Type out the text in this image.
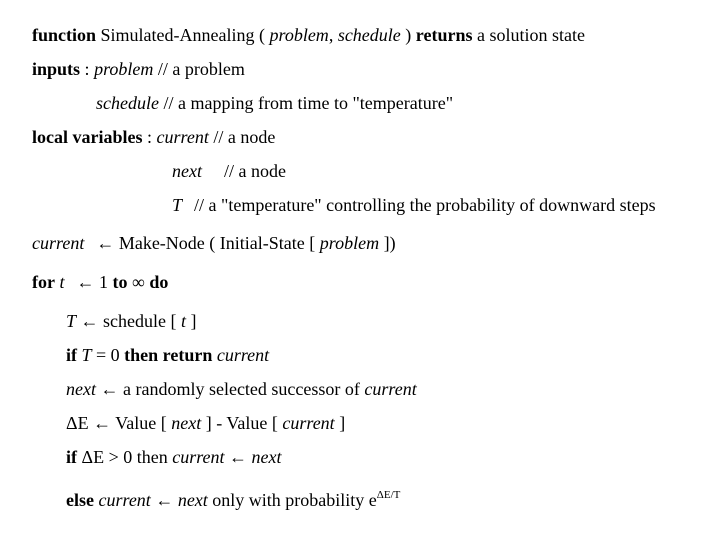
function Simulated-Annealing ( problem, schedule ) returns a solution state
inputs : problem // a problem
schedule // a mapping from time to "temperature"
local variables : current // a node
next // a node
T // a "temperature" controlling the probability of downward steps
current ← Make-Node ( Initial-State [ problem ])
for t ← 1 to ∞ do
T ← schedule [ t ]
if T = 0 then return current
next ← a randomly selected successor of current
ΔE ← Value [ next ] - Value [ current ]
if ΔE > 0 then current ← next
else current ← next only with probability $e^{\Delta E/T}$
